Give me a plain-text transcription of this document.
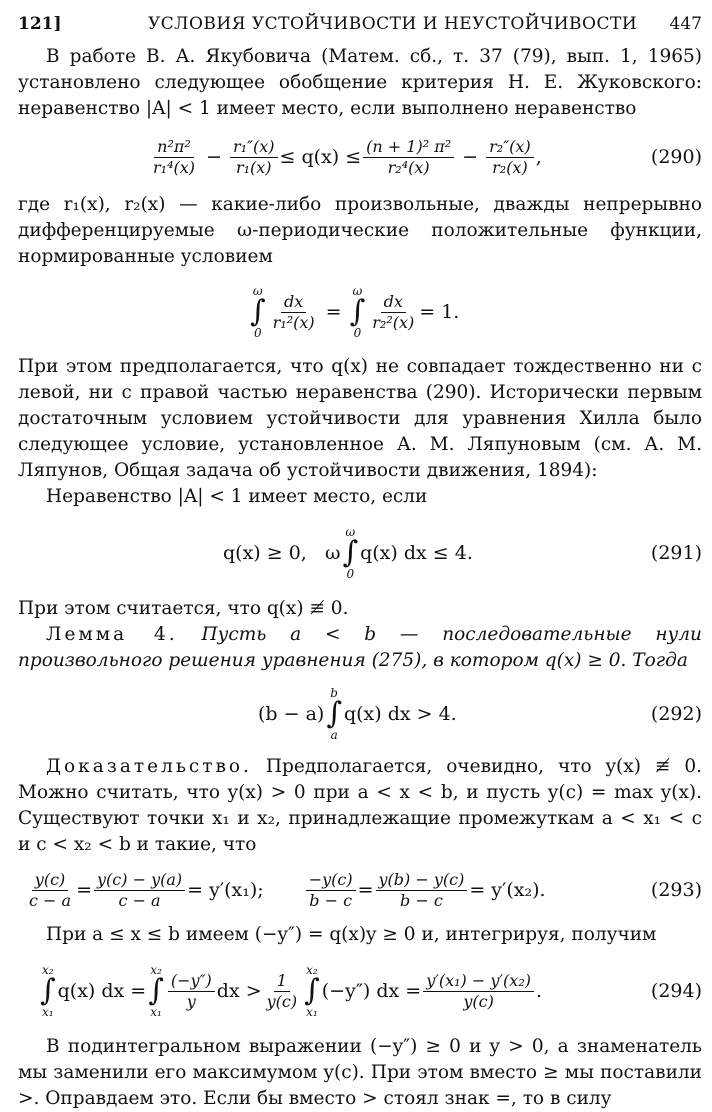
121]	УСЛОВИЯ УСТОЙЧИВОСТИ И НЕУСТОЙЧИВОСТИ 447

В работе В. А. Якубовича (Матем. сб., т. 37 (79), вып. 1, 1965) установлено следующее обобщение критерия Н. Е. Жуковского: неравенство |A| < 1 имеет место, если выполнено неравенство

$\frac{\text{n²π²}}{\text{r₁⁴(x)}} - \frac{\text{r₁″(x)}}{\text{r₁(x)}} \le q(x) \le \frac{\text{(n + 1)² π²}}{\text{r₂⁴(x)}} - \frac{\text{r₂″(x)}}{\text{r₂(x)}}$ ,	(290)

где r₁(x), r₂(x) — какие-либо произвольные, дважды непрерывно дифференцируемые ω-периодические положительные функции, нормированные условием

ω
∫
0
$\frac{dx}{\text{r₁²(x)}}$ =
ω
∫
0
$\frac{dx}{\text{r₂²(x)}} = 1$.

При этом предполагается, что q(x) не совпадает тождественно ни с левой, ни с правой частью неравенства (290). Исторически первым достаточным условием устойчивости для уравнения Хилла было следующее условие, установленное А. М. Ляпуновым (см. А. М. Ляпунов, Общая задача об устойчивости движения, 1894):

Неравенство |A| < 1 имеет место, если

q(x) ≥ 0,
ω
ω
∫
0
q(x) dx ≤ 4.	(291)

При этом считается, что q(x) ≢ 0.

Лемма 4. Пусть a < b — последовательные нули произвольного решения уравнения (275), в котором q(x) ≥ 0. Тогда

(b − a)
b
∫
a
q(x) dx > 4.	(292)

Доказательство. Предполагается, очевидно, что y(x) ≢ 0. Можно считать, что y(x) > 0 при a < x < b, и пусть y(c) = max y(x). Существуют точки x₁ и x₂, принадлежащие промежуткам a < x₁ < c и c < x₂ < b и такие, что

$\frac{y(c)}{c - a} = \frac{y(c) - y(a)}{c - a} = y'(x_1)$;	$\frac{-y(c)}{b - c} = \frac{y(b) - y(c)}{b - c} = y'(x_2)$.	(293)

При a ≤ x ≤ b имеем (−y″) = q(x)y ≥ 0 и, интегрируя, получим

x₂
∫
x₁
q(x) dx =
x₂
∫
x₁
$\frac{(-y'')}{y}$ dx > $\frac{1}{y(c)}$
x₂
∫
x₁
(−y″) dx = $\frac{\text{y′(x₁) − y′(x₂)}}{y(c)}$ .	(294)

В подинтегральном выражении (−y″) ≥ 0 и y > 0, а знаменатель мы заменили его максимумом y(c). При этом вместо ≥ мы поставили >. Оправдаем это. Если бы вместо > стоял знак =, то в силу
